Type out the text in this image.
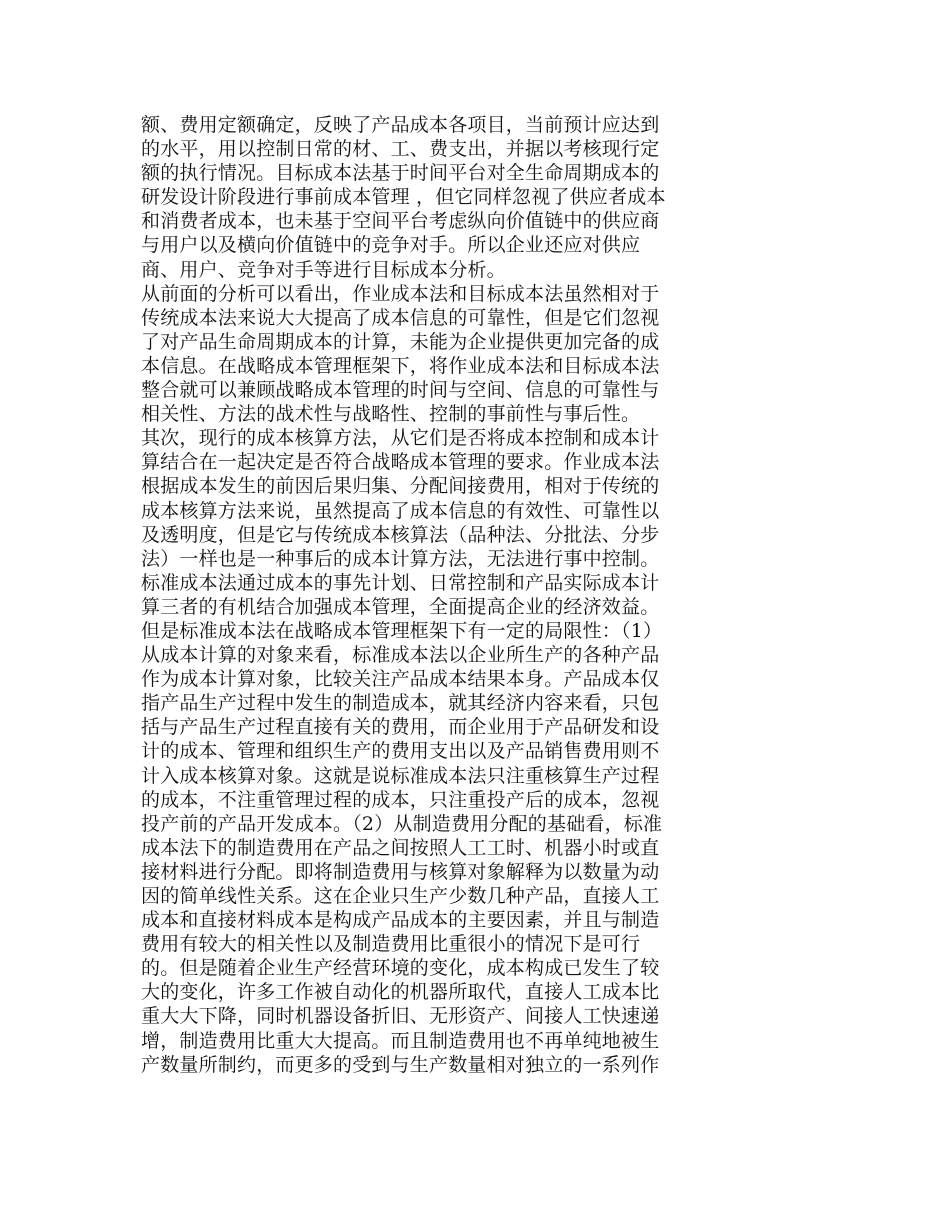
额、费用定额确定，反映了产品成本各项目，当前预计应达到
的水平，用以控制日常的材、工、费支出，并据以考核现行定
额的执行情况。目标成本法基于时间平台对全生命周期成本的
研发设计阶段进行事前成本管理 ，但它同样忽视了供应者成本
和消费者成本，也未基于空间平台考虑纵向价值链中的供应商
与用户以及横向价值链中的竞争对手。所以企业还应对供应
商、用户、竞争对手等进行目标成本分析。
从前面的分析可以看出，作业成本法和目标成本法虽然相对于
传统成本法来说大大提高了成本信息的可靠性，但是它们忽视
了对产品生命周期成本的计算，未能为企业提供更加完备的成
本信息。在战略成本管理框架下，将作业成本法和目标成本法
整合就可以兼顾战略成本管理的时间与空间、信息的可靠性与
相关性、方法的战术性与战略性、控制的事前性与事后性。
其次，现行的成本核算方法，从它们是否将成本控制和成本计
算结合在一起决定是否符合战略成本管理的要求。作业成本法
根据成本发生的前因后果归集、分配间接费用，相对于传统的
成本核算方法来说，虽然提高了成本信息的有效性、可靠性以
及透明度，但是它与传统成本核算法（品种法、分批法、分步
法）一样也是一种事后的成本计算方法，无法进行事中控制。
标准成本法通过成本的事先计划、日常控制和产品实际成本计
算三者的有机结合加强成本管理，全面提高企业的经济效益。
但是标准成本法在战略成本管理框架下有一定的局限性：（1）
从成本计算的对象来看，标准成本法以企业所生产的各种产品
作为成本计算对象，比较关注产品成本结果本身。产品成本仅
指产品生产过程中发生的制造成本，就其经济内容来看，只包
括与产品生产过程直接有关的费用，而企业用于产品研发和设
计的成本、管理和组织生产的费用支出以及产品销售费用则不
计入成本核算对象。这就是说标准成本法只注重核算生产过程
的成本，不注重管理过程的成本，只注重投产后的成本，忽视
投产前的产品开发成本。（2）从制造费用分配的基础看，标准
成本法下的制造费用在产品之间按照人工工时、机器小时或直
接材料进行分配。即将制造费用与核算对象解释为以数量为动
因的简单线性关系。这在企业只生产少数几种产品，直接人工
成本和直接材料成本是构成产品成本的主要因素，并且与制造
费用有较大的相关性以及制造费用比重很小的情况下是可行
的。但是随着企业生产经营环境的变化，成本构成已发生了较
大的变化，许多工作被自动化的机器所取代，直接人工成本比
重大大下降，同时机器设备折旧、无形资产、间接人工快速递
增，制造费用比重大大提高。而且制造费用也不再单纯地被生
产数量所制约，而更多的受到与生产数量相对独立的一系列作
